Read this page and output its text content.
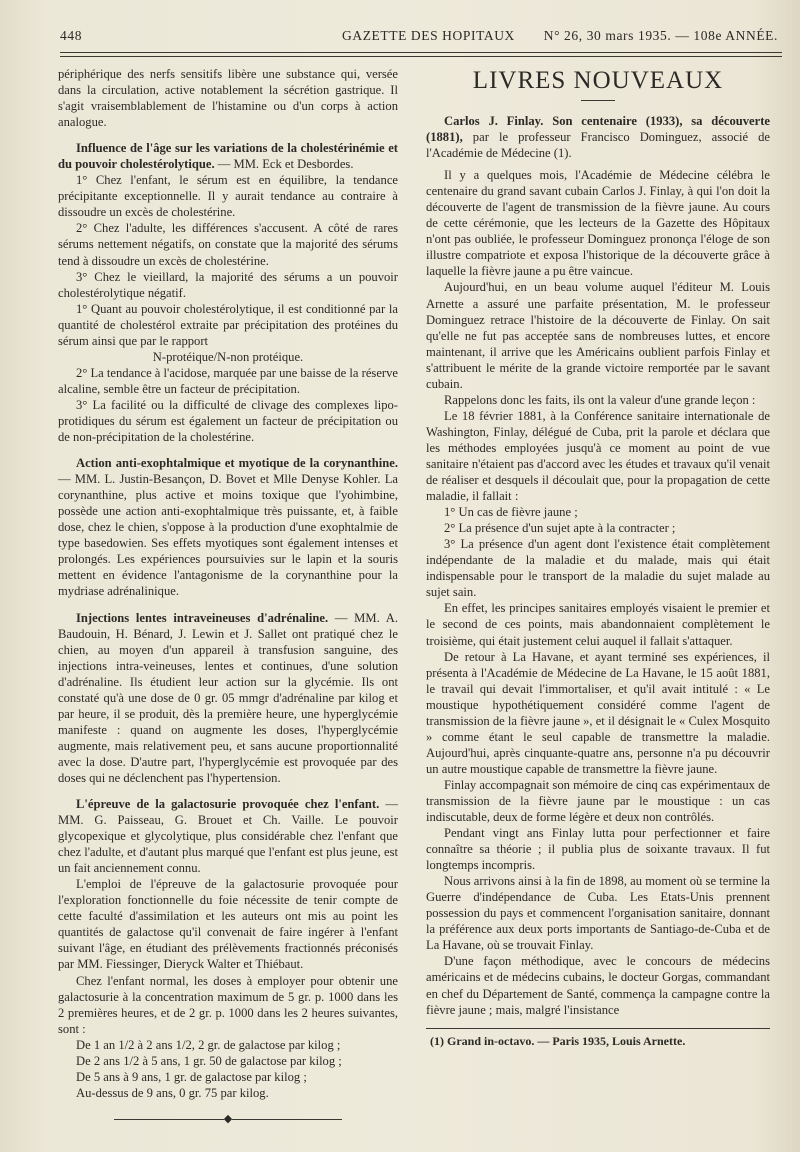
448	GAZETTE DES HOPITAUX N° 26, 30 mars 1935. — 108e ANNÉE.

périphérique des nerfs sensitifs libère une substance qui, versée dans la circulation, active notablement la sécrétion gastrique. Il s'agit vraisemblablement de l'histamine ou d'un corps à action analogue.

Influence de l'âge sur les variations de la cholestérinémie et du pouvoir cholestérolytique. — MM. Eck et Desbordes.

1° Chez l'enfant, le sérum est en équilibre, la tendance précipitante exceptionnelle. Il y aurait tendance au contraire à dissoudre un excès de cholestérine.

2° Chez l'adulte, les différences s'accusent. A côté de rares sérums nettement négatifs, on constate que la majorité des sérums tend à dissoudre un excès de cholestérine.

3° Chez le vieillard, la majorité des sérums a un pouvoir cholestérolytique négatif.

1° Quant au pouvoir cholestérolytique, il est conditionné par la quantité de cholestérol extraite par précipitation des protéines du sérum ainsi que par le rapport

N-protéique/N-non protéique.

2° La tendance à l'acidose, marquée par une baisse de la réserve alcaline, semble être un facteur de précipitation.

3° La facilité ou la difficulté de clivage des complexes lipo-protidiques du sérum est également un facteur de précipitation ou de non-précipitation de la cholestérine.

Action anti-exophtalmique et myotique de la corynanthine. — MM. L. Justin-Besançon, D. Bovet et Mlle Denyse Kohler. La corynanthine, plus active et moins toxique que l'yohimbine, possède une action anti-exophtalmique très puissante, et, à faible dose, chez le chien, s'oppose à la production d'une exophtalmie de type basedowien. Ses effets myotiques sont également intenses et prolongés. Les expériences poursuivies sur le lapin et la souris mettent en évidence l'antagonisme de la corynanthine pour la mydriase adrénalinique.

Injections lentes intraveineuses d'adrénaline. — MM. A. Baudouin, H. Bénard, J. Lewin et J. Sallet ont pratiqué chez le chien, au moyen d'un appareil à transfusion sanguine, des injections intra-veineuses, lentes et continues, d'une solution d'adrénaline. Ils étudient leur action sur la glycémie. Ils ont constaté qu'à une dose de 0 gr. 05 mmgr d'adrénaline par kilog et par heure, il se produit, dès la première heure, une hyperglycémie manifeste : quand on augmente les doses, l'hyperglycémie augmente, mais relativement peu, et sans aucune proportionnalité avec la dose. D'autre part, l'hyperglycémie est provoquée par des doses qui ne déclenchent pas l'hypertension.

L'épreuve de la galactosurie provoquée chez l'enfant. — MM. G. Paisseau, G. Brouet et Ch. Vaille. Le pouvoir glycopexique et glycolytique, plus considérable chez l'enfant que chez l'adulte, et d'autant plus marqué que l'enfant est plus jeune, est un fait anciennement connu.

L'emploi de l'épreuve de la galactosurie provoquée pour l'exploration fonctionnelle du foie nécessite de tenir compte de cette faculté d'assimilation et les auteurs ont mis au point les quantités de galactose qu'il convenait de faire ingérer à l'enfant suivant l'âge, en étudiant des prélèvements fractionnés préconisés par MM. Fiessinger, Dieryck Walter et Thiébaut.

Chez l'enfant normal, les doses à employer pour obtenir une galactosurie à la concentration maximum de 5 gr. p. 1000 dans les 2 premières heures, et de 2 gr. p. 1000 dans les 2 heures suivantes, sont :

De 1 an 1/2 à 2 ans 1/2, 2 gr. de galactose par kilog ;

De 2 ans 1/2 à 5 ans, 1 gr. 50 de galactose par kilog ;

De 5 ans à 9 ans, 1 gr. de galactose par kilog ;

Au-dessus de 9 ans, 0 gr. 75 par kilog.

◆
LIVRES NOUVEAUX

Carlos J. Finlay. Son centenaire (1933), sa découverte (1881), par le professeur Francisco Dominguez, associé de l'Académie de Médecine (1).

Il y a quelques mois, l'Académie de Médecine célébra le centenaire du grand savant cubain Carlos J. Finlay, à qui l'on doit la découverte de l'agent de transmission de la fièvre jaune. Au cours de cette cérémonie, que les lecteurs de la Gazette des Hôpitaux n'ont pas oubliée, le professeur Dominguez prononça l'éloge de son illustre compatriote et exposa l'historique de la découverte grâce à laquelle la fièvre jaune a pu être vaincue.

Aujourd'hui, en un beau volume auquel l'éditeur M. Louis Arnette a assuré une parfaite présentation, M. le professeur Dominguez retrace l'histoire de la découverte de Finlay. On sait qu'elle ne fut pas acceptée sans de nombreuses luttes, et encore maintenant, il arrive que les Américains oublient parfois Finlay et s'attribuent le mérite de la grande victoire remportée par le savant cubain.

Rappelons donc les faits, ils ont la valeur d'une grande leçon :

Le 18 février 1881, à la Conférence sanitaire internationale de Washington, Finlay, délégué de Cuba, prit la parole et déclara que les méthodes employées jusqu'à ce moment au point de vue sanitaire n'étaient pas d'accord avec les études et travaux qu'il venait de réaliser et desquels il découlait que, pour la propagation de cette maladie, il fallait :

1° Un cas de fièvre jaune ;

2° La présence d'un sujet apte à la contracter ;

3° La présence d'un agent dont l'existence était complètement indépendante de la maladie et du malade, mais qui était indispensable pour le transport de la maladie du sujet malade au sujet sain.

En effet, les principes sanitaires employés visaient le premier et le second de ces points, mais abandonnaient complètement le troisième, qui était justement celui auquel il fallait s'attaquer.

De retour à La Havane, et ayant terminé ses expériences, il présenta à l'Académie de Médecine de La Havane, le 15 août 1881, le travail qui devait l'immortaliser, et qu'il avait intitulé : « Le moustique hypothétiquement considéré comme l'agent de transmission de la fièvre jaune », et il désignait le « Culex Mosquito » comme étant le seul capable de transmettre la maladie. Aujourd'hui, après cinquante-quatre ans, personne n'a pu découvrir un autre moustique capable de transmettre la fièvre jaune.

Finlay accompagnait son mémoire de cinq cas expérimentaux de transmission de la fièvre jaune par le moustique : un cas indiscutable, deux de forme légère et deux non contrôlés.

Pendant vingt ans Finlay lutta pour perfectionner et faire connaître sa théorie ; il publia plus de soixante travaux. Il fut longtemps incompris.

Nous arrivons ainsi à la fin de 1898, au moment où se termine la Guerre d'indépendance de Cuba. Les Etats-Unis prennent possession du pays et commencent l'organisation sanitaire, donnant la préférence aux deux ports importants de Santiago-de-Cuba et de La Havane, où se trouvait Finlay.

D'une façon méthodique, avec le concours de médecins américains et de médecins cubains, le docteur Gorgas, commandant en chef du Département de Santé, commença la campagne contre la fièvre jaune ; mais, malgré l'insistance

(1) Grand in-octavo. — Paris 1935, Louis Arnette.
